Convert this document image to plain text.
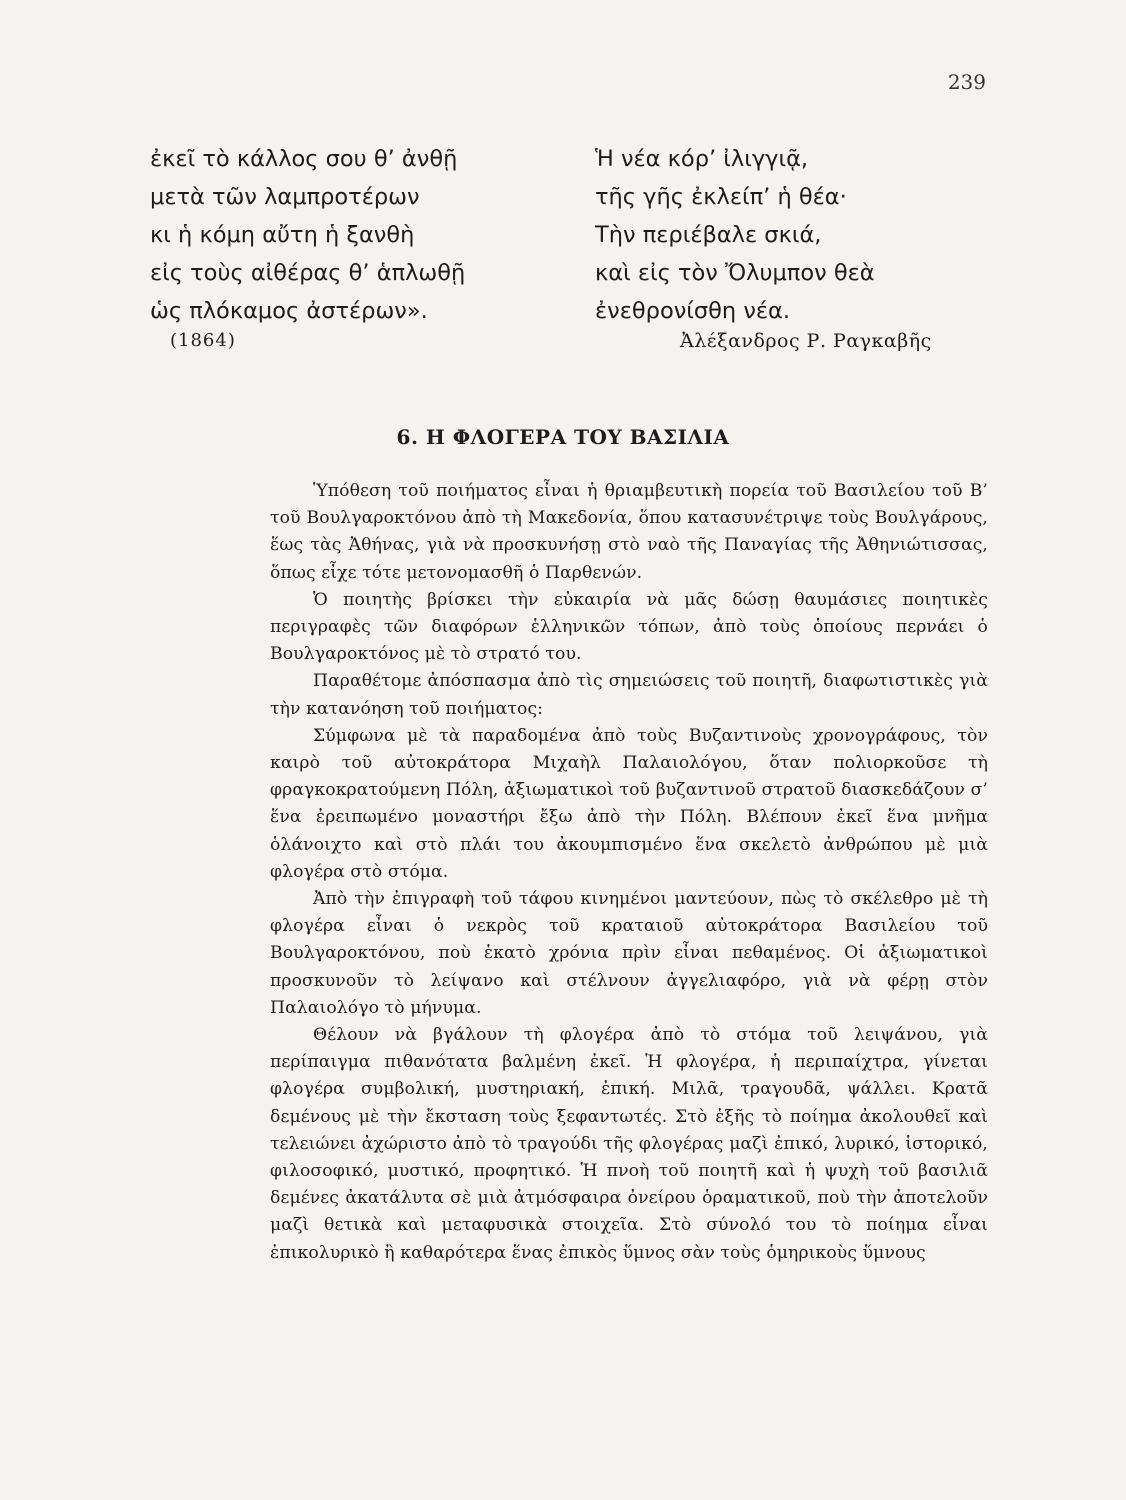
239
ἐκεῖ τὸ κάλλος σου θ’ ἀνθῇ
μετὰ τῶν λαμπροτέρων
κι ἡ κόμη αὔτη ἡ ξανθὴ
εἰς τοὺς αἰθέρας θ’ ἁπλωθῇ
ὡς πλόκαμος ἀστέρων».
Ἡ νέα κόρ’ ἰλιγγιᾷ,
τῆς γῆς ἐκλείπ’ ἡ θέα·
Τὴν περιέβαλε σκιά,
καὶ εἰς τὸν Ὄλυμπον θεὰ
ἐνεθρονίσθη νέα.
(1864)	Ἀλέξανδρος Ρ. Ραγκαβῆς
6. Η ΦΛΟΓΕΡΑ ΤΟΥ ΒΑΣΙΛΙΑ

Ὑπόθεση τοῦ ποιήματος εἶναι ἡ θριαμβευτικὴ πορεία τοῦ Βασιλείου τοῦ Β’ τοῦ Βουλγαροκτόνου ἀπὸ τὴ Μακεδονία, ὅπου κατασυνέτριψε τοὺς Βουλγάρους, ἕως τὰς Ἀθήνας, γιὰ νὰ προσκυνήσῃ στὸ ναὸ τῆς Παναγίας τῆς Ἀθηνιώτισσας, ὅπως εἶχε τότε μετονομασθῆ ὁ Παρθενών.

Ὁ ποιητὴς βρίσκει τὴν εὐκαιρία νὰ μᾶς δώσῃ θαυμάσιες ποιητικὲς περιγραφὲς τῶν διαφόρων ἑλληνικῶν τόπων, ἀπὸ τοὺς ὁποίους περνάει ὁ Βουλγαροκτόνος μὲ τὸ στρατό του.

Παραθέτομε ἀπόσπασμα ἀπὸ τὶς σημειώσεις τοῦ ποιητῆ, διαφωτιστικὲς γιὰ τὴν κατανόηση τοῦ ποιήματος:

Σύμφωνα μὲ τὰ παραδομένα ἀπὸ τοὺς Βυζαντινοὺς χρονογράφους, τὸν καιρὸ τοῦ αὐτοκράτορα Μιχαὴλ Παλαιολόγου, ὅταν πολιορκοῦσε τὴ φραγκοκρατούμενη Πόλη, ἀξιωματικοὶ τοῦ βυζαντινοῦ στρατοῦ διασκεδάζουν σ’ ἕνα ἐρειπωμένο μοναστήρι ἔξω ἀπὸ τὴν Πόλη. Βλέπουν ἐκεῖ ἕνα μνῆμα ὁλάνοιχτο καὶ στὸ πλάι του ἀκουμπισμένο ἕνα σκελετὸ ἀνθρώπου μὲ μιὰ φλογέρα στὸ στόμα.

Ἀπὸ τὴν ἐπιγραφὴ τοῦ τάφου κινημένοι μαντεύουν, πὼς τὸ σκέλεθρο μὲ τὴ φλογέρα εἶναι ὁ νεκρὸς τοῦ κραταιοῦ αὐτοκράτορα Βασιλείου τοῦ Βουλγαροκτόνου, ποὺ ἑκατὸ χρόνια πρὶν εἶναι πεθαμένος. Οἱ ἀξιωματικοὶ προσκυνοῦν τὸ λείψανο καὶ στέλνουν ἀγγελιαφόρο, γιὰ νὰ φέρῃ στὸν Παλαιολόγο τὸ μήνυμα.

Θέλουν νὰ βγάλουν τὴ φλογέρα ἀπὸ τὸ στόμα τοῦ λειψάνου, γιὰ περίπαιγμα πιθανότατα βαλμένη ἐκεῖ. Ἡ φλογέρα, ἡ περιπαίχτρα, γίνεται φλογέρα συμβολική, μυστηριακή, ἐπική. Μιλᾶ, τραγουδᾶ, ψάλλει. Κρατᾶ δεμένους μὲ τὴν ἔκσταση τοὺς ξεφαντωτές. Στὸ ἑξῆς τὸ ποίημα ἀκολουθεῖ καὶ τελειώνει ἀχώριστο ἀπὸ τὸ τραγούδι τῆς φλογέρας μαζὶ ἐπικό, λυρικό, ἱστορικό, φιλοσοφικό, μυστικό, προφητικό. Ἡ πνοὴ τοῦ ποιητῆ καὶ ἡ ψυχὴ τοῦ βασιλιᾶ δεμένες ἀκατάλυτα σὲ μιὰ ἀτμόσφαιρα ὀνείρου ὁραματικοῦ, ποὺ τὴν ἀποτελοῦν μαζὶ θετικὰ καὶ μεταφυσικὰ στοιχεῖα. Στὸ σύνολό του τὸ ποίημα εἶναι ἐπικολυρικὸ ἢ καθαρότερα ἕνας ἐπικὸς ὕμνος σὰν τοὺς ὁμηρικοὺς ὕμνους
